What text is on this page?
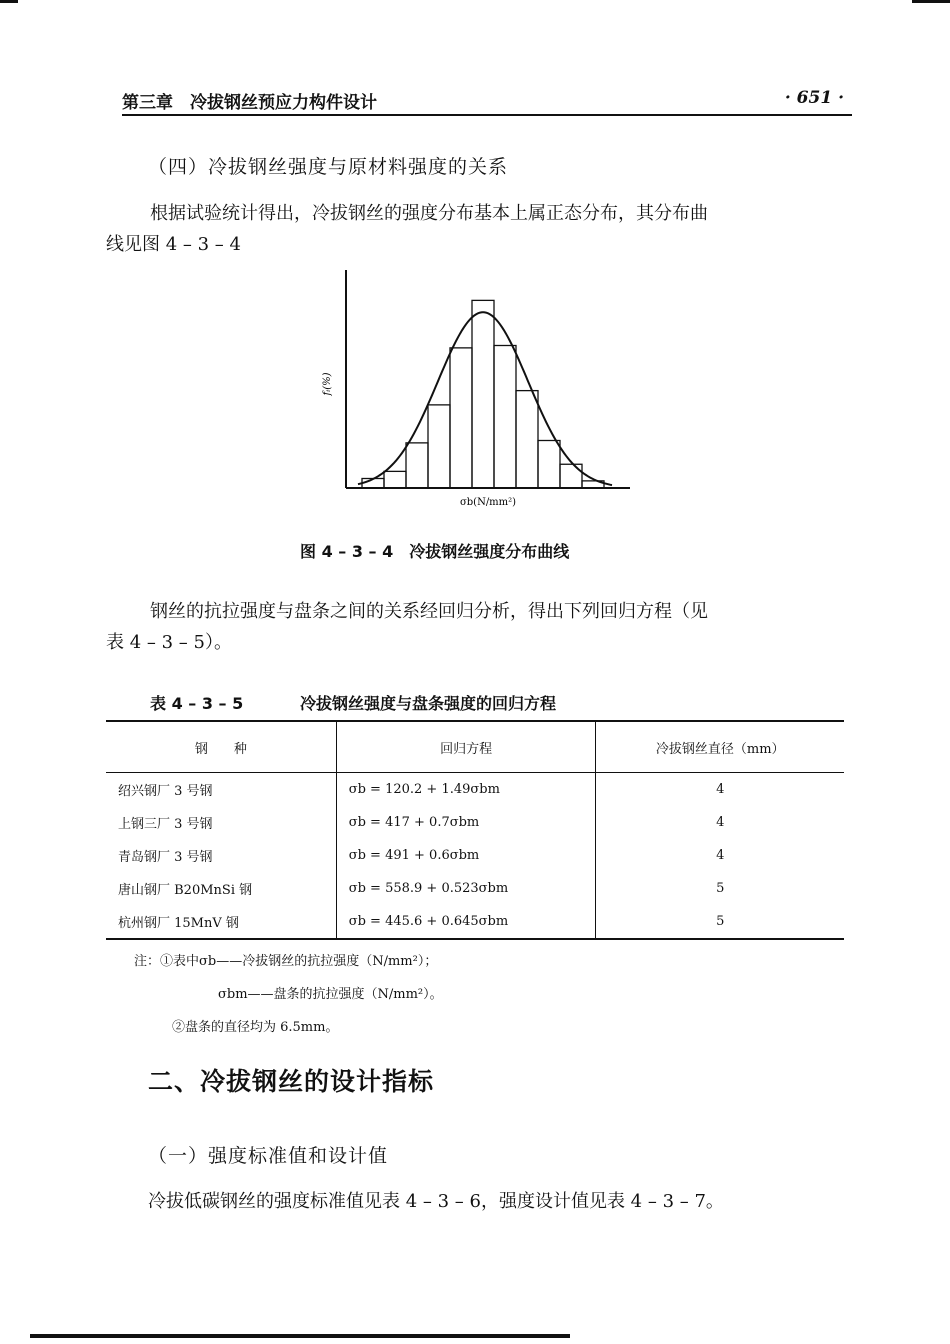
第三章　冷拔钢丝预应力构件设计	· 651 ·
（四）冷拔钢丝强度与原材料强度的关系
根据试验统计得出，冷拔钢丝的强度分布基本上属正态分布，其分布曲
线见图 4 – 3 – 4
fᵢ(%)
σb(N/mm²)
图 4 – 3 – 4　冷拔钢丝强度分布曲线
钢丝的抗拉强度与盘条之间的关系经回归分析，得出下列回归方程（见
表 4 – 3 – 5）。
表 4 – 3 – 5	冷拔钢丝强度与盘条强度的回归方程
钢　　种	回归方程	冷拔钢丝直径（mm）
绍兴钢厂 3 号钢	σb = 120.2 + 1.49σbm	4
上钢三厂 3 号钢	σb = 417 + 0.7σbm	4
青岛钢厂 3 号钢	σb = 491 + 0.6σbm	4
唐山钢厂 B20MnSi 钢	σb = 558.9 + 0.523σbm	5
杭州钢厂 15MnV 钢	σb = 445.6 + 0.645σbm	5
注：①表中σb——冷拔钢丝的抗拉强度（N/mm²）；
σbm——盘条的抗拉强度（N/mm²）。
②盘条的直径均为 6.5mm。
二、冷拔钢丝的设计指标
（一）强度标准值和设计值
冷拔低碳钢丝的强度标准值见表 4 – 3 – 6，强度设计值见表 4 – 3 – 7。
